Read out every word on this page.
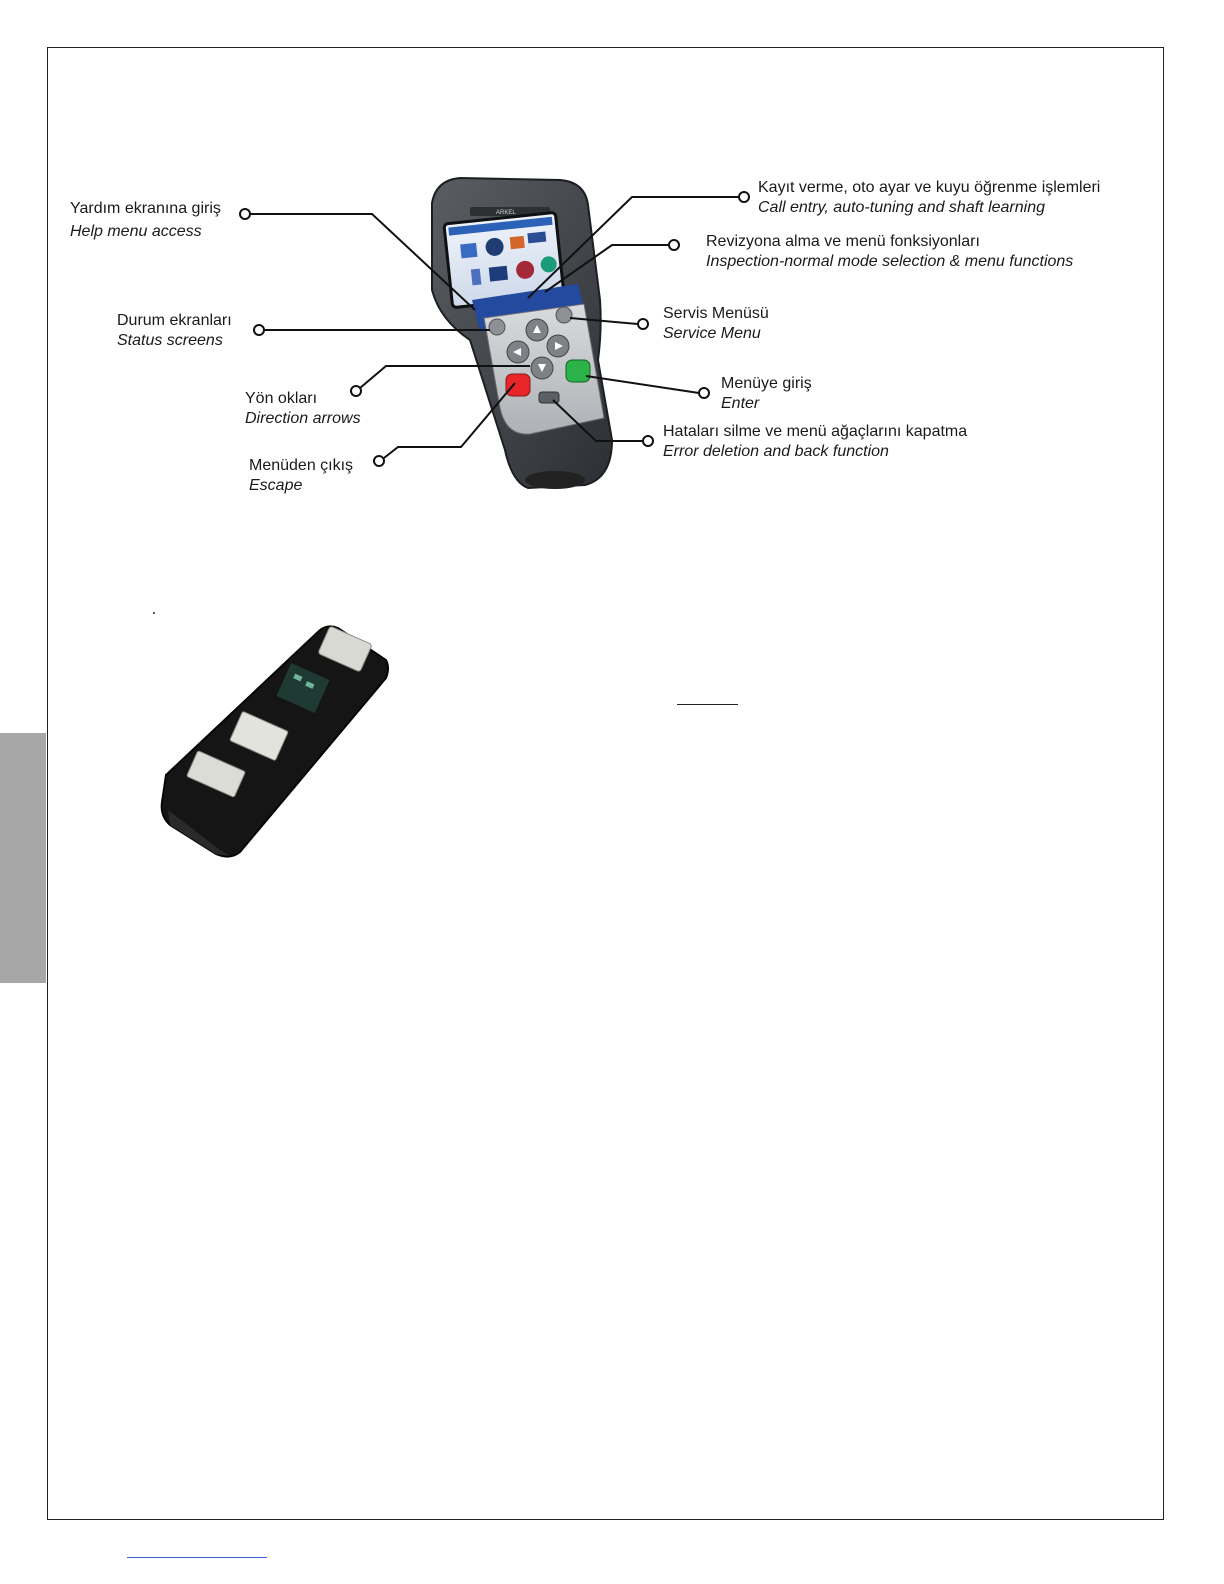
ARKEL
Yardım ekranına giriş
Help menu access
Durum ekranları
Status screens
Yön okları
Direction arrows
Menüden çıkış
Escape
Kayıt verme, oto ayar ve kuyu öğrenme işlemleri
Call entry, auto-tuning and shaft learning
Revizyona alma ve menü fonksiyonları
Inspection-normal mode selection & menu functions
Servis Menüsü
Service Menu
Menüye giriş
Enter
Hataları silme ve menü ağaçlarını kapatma
Error deletion and back function
